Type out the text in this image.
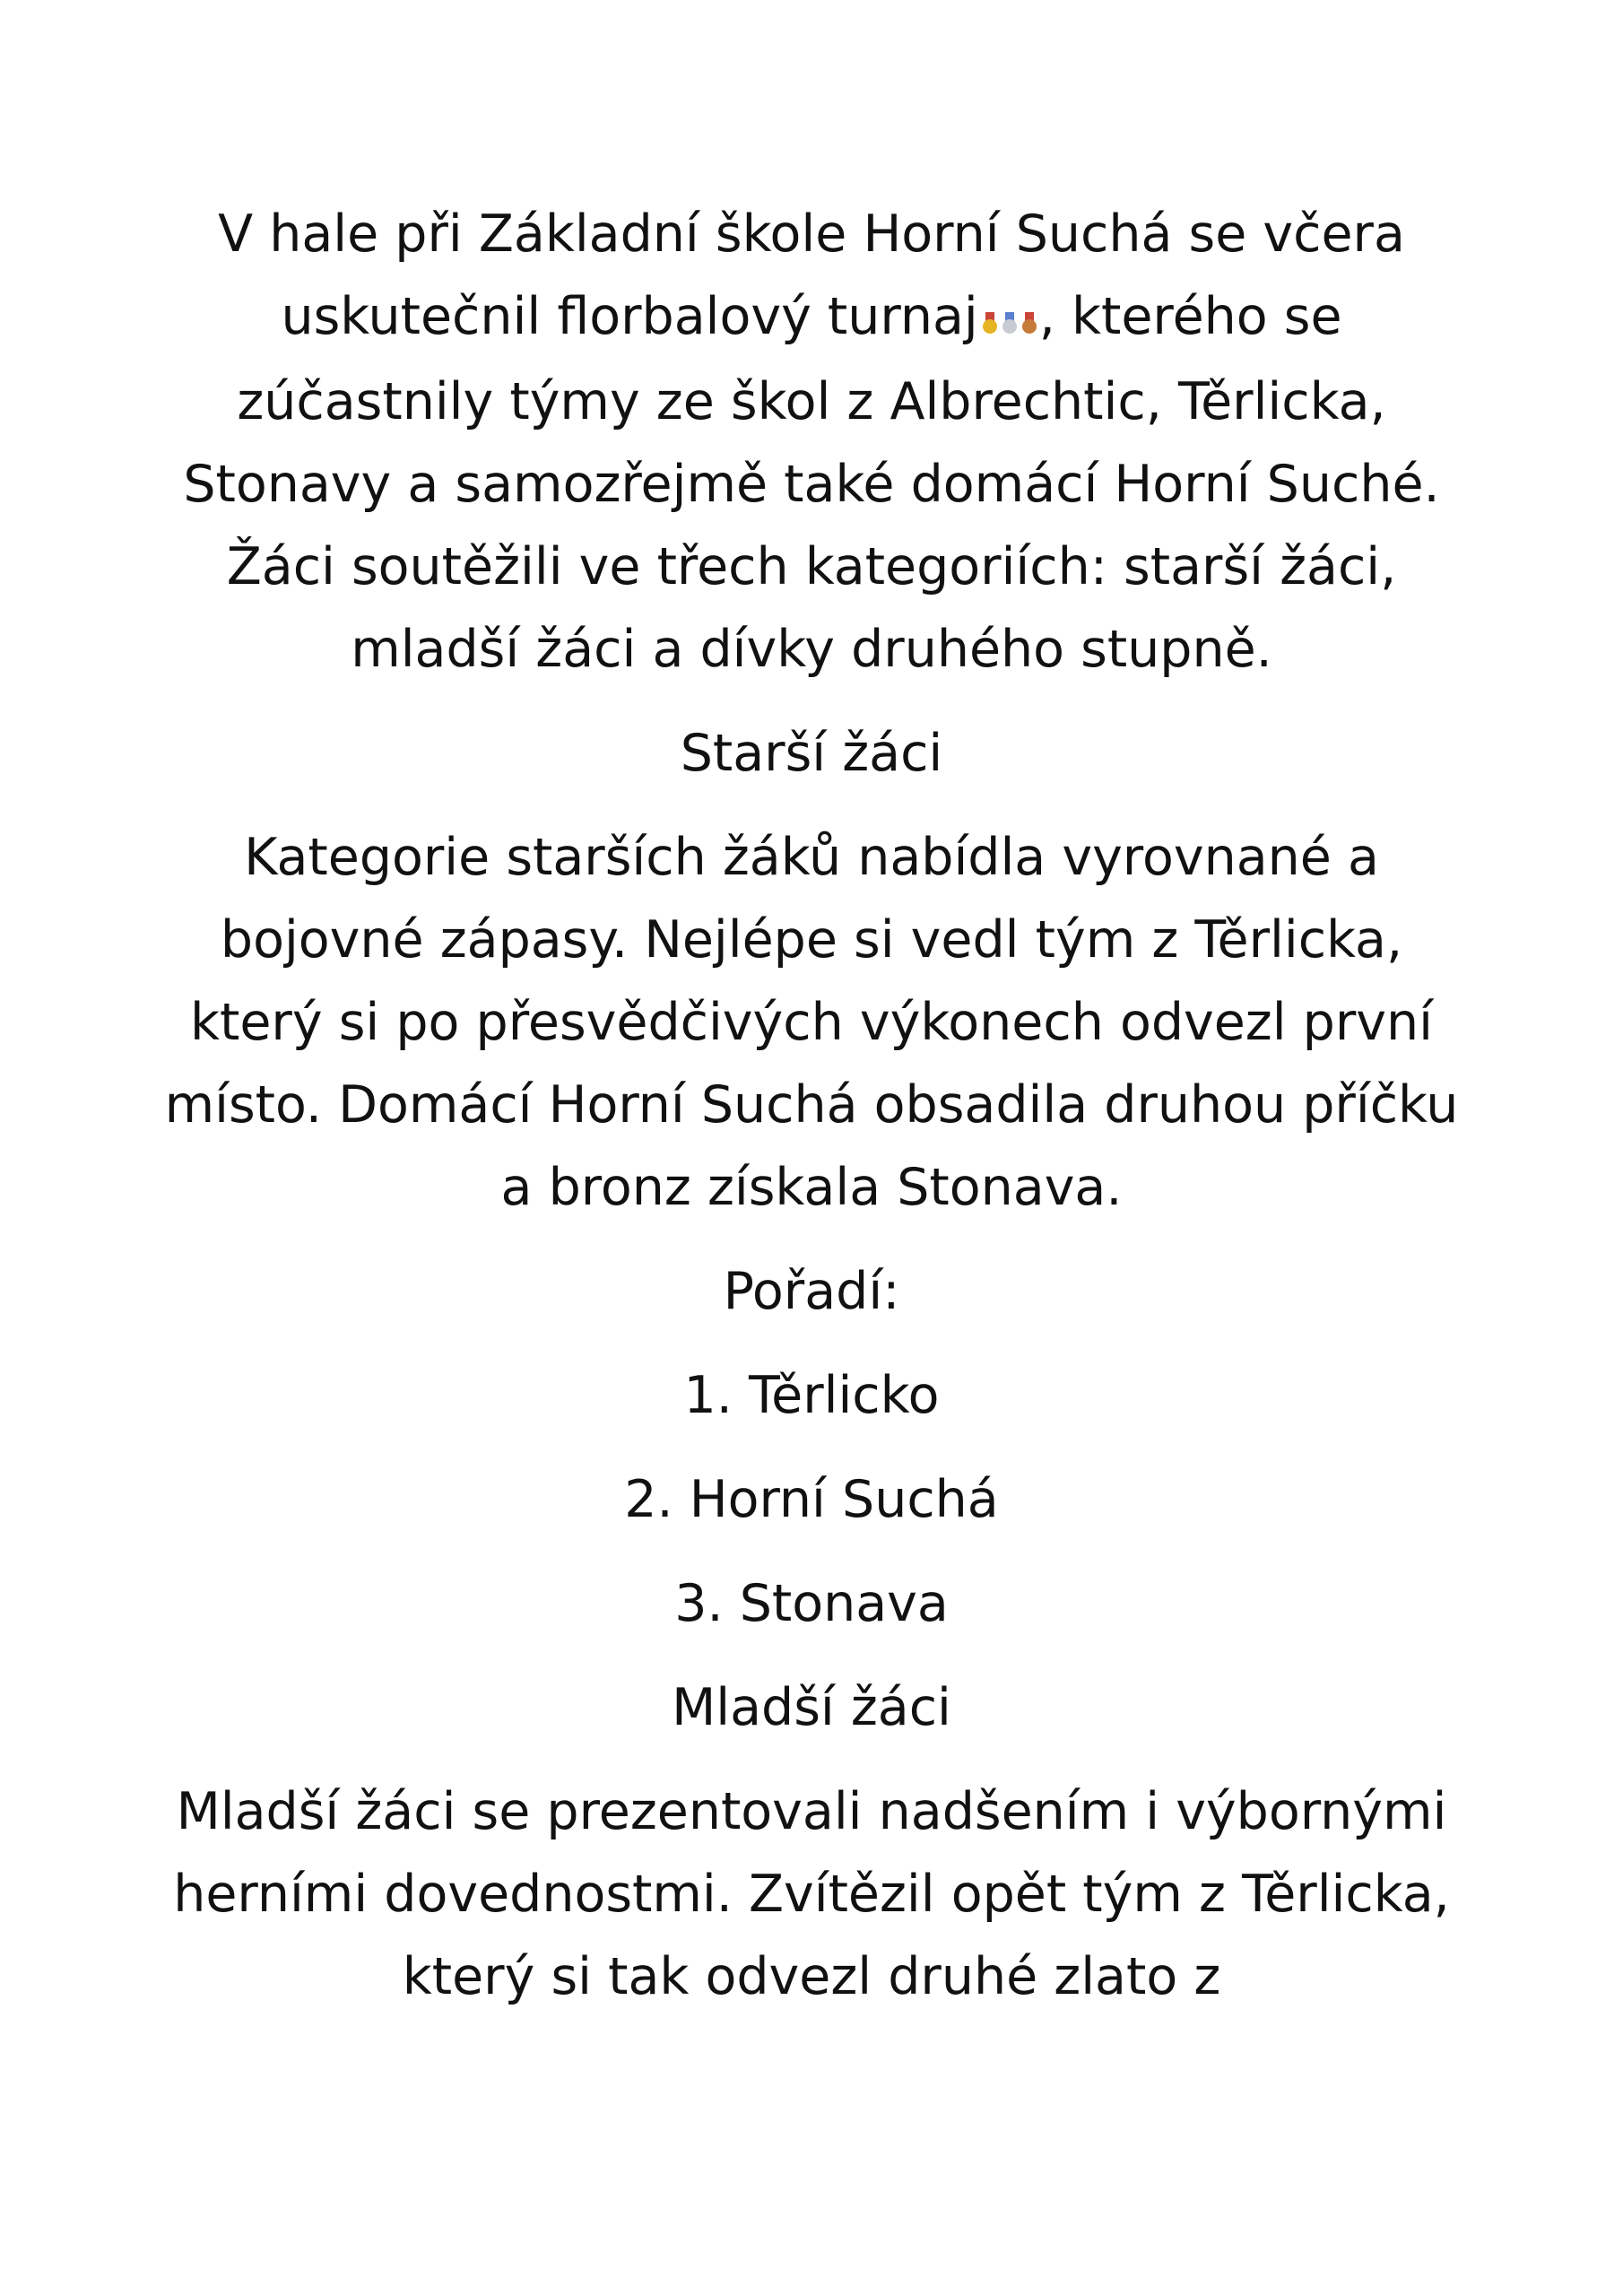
V hale při Základní škole Horní Suchá se včera uskutečnil florbalový turnaj , kterého se zúčastnily týmy ze škol z Albrechtic, Těrlicka, Stonavy a samozřejmě také domácí Horní Suché. Žáci soutěžili ve třech kategoriích: starší žáci, mladší žáci a dívky druhého stupně.

Starší žáci

Kategorie starších žáků nabídla vyrovnané a bojovné zápasy. Nejlépe si vedl tým z Těrlicka, který si po přesvědčivých výkonech odvezl první místo. Domácí Horní Suchá obsadila druhou příčku a bronz získala Stonava.

Pořadí:

1. Těrlicko

2. Horní Suchá

3. Stonava

Mladší žáci

Mladší žáci se prezentovali nadšením i výbornými herními dovednostmi. Zvítězil opět tým z Těrlicka, který si tak odvezl druhé zlato z
